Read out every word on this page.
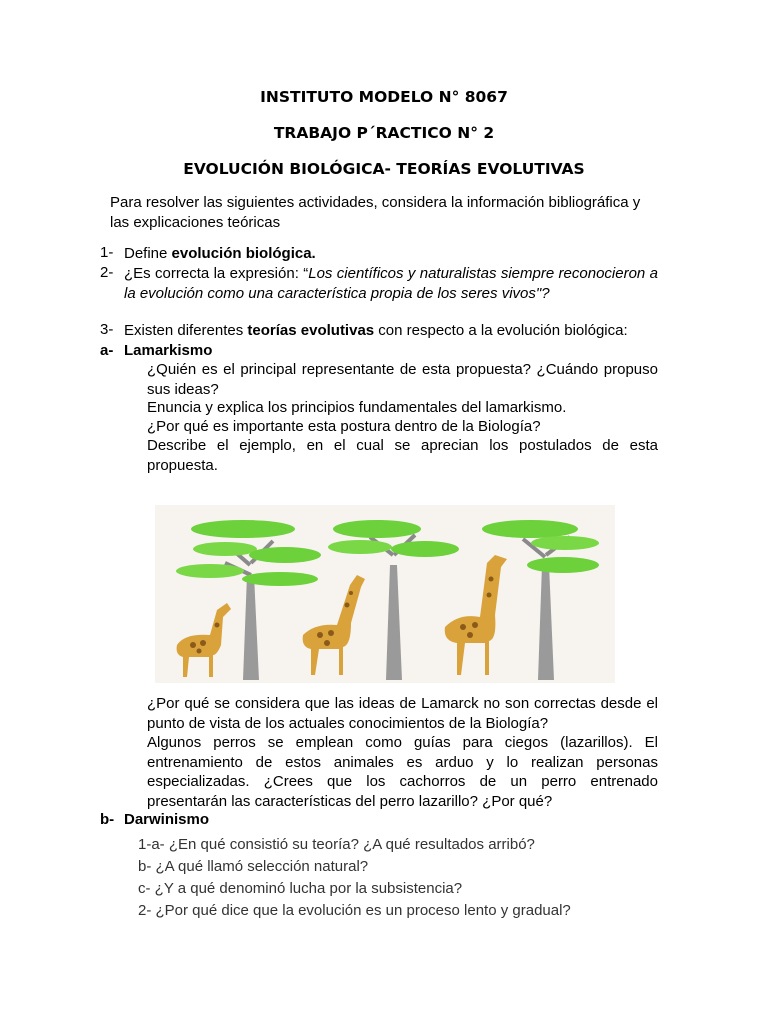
INSTITUTO MODELO N° 8067
TRABAJO P´RACTICO N° 2
EVOLUCIÓN BIOLÓGICA- TEORÍAS EVOLUTIVAS
Para resolver las siguientes actividades, considera la información bibliográfica y las explicaciones teóricas
1- Define evolución biológica.
2- ¿Es correcta la expresión: “Los científicos y naturalistas siempre reconocieron a la evolución como una característica propia de los seres vivos"?
3- Existen diferentes teorías evolutivas con respecto a la evolución biológica:
a- Lamarkismo
¿Quién es el principal representante de esta propuesta? ¿Cuándo propuso sus ideas?
Enuncia y explica los principios fundamentales del lamarkismo.
¿Por qué es importante esta postura dentro de la Biología?
Describe el ejemplo, en el cual se aprecian los postulados de esta propuesta.
¿Por qué se considera que las ideas de Lamarck no son correctas desde el punto de vista de los actuales conocimientos de la Biología?
Algunos perros se emplean como guías para ciegos (lazarillos). El entrenamiento de estos animales es arduo y lo realizan personas especializadas. ¿Crees que los cachorros de un perro entrenado presentarán las características del perro lazarillo? ¿Por qué?
b- Darwinismo
1-a- ¿En qué consistió su teoría? ¿A qué resultados arribó?
b- ¿A qué llamó selección natural?
c- ¿Y a qué denominó lucha por la subsistencia?
2- ¿Por qué dice que la evolución es un proceso lento y gradual?
